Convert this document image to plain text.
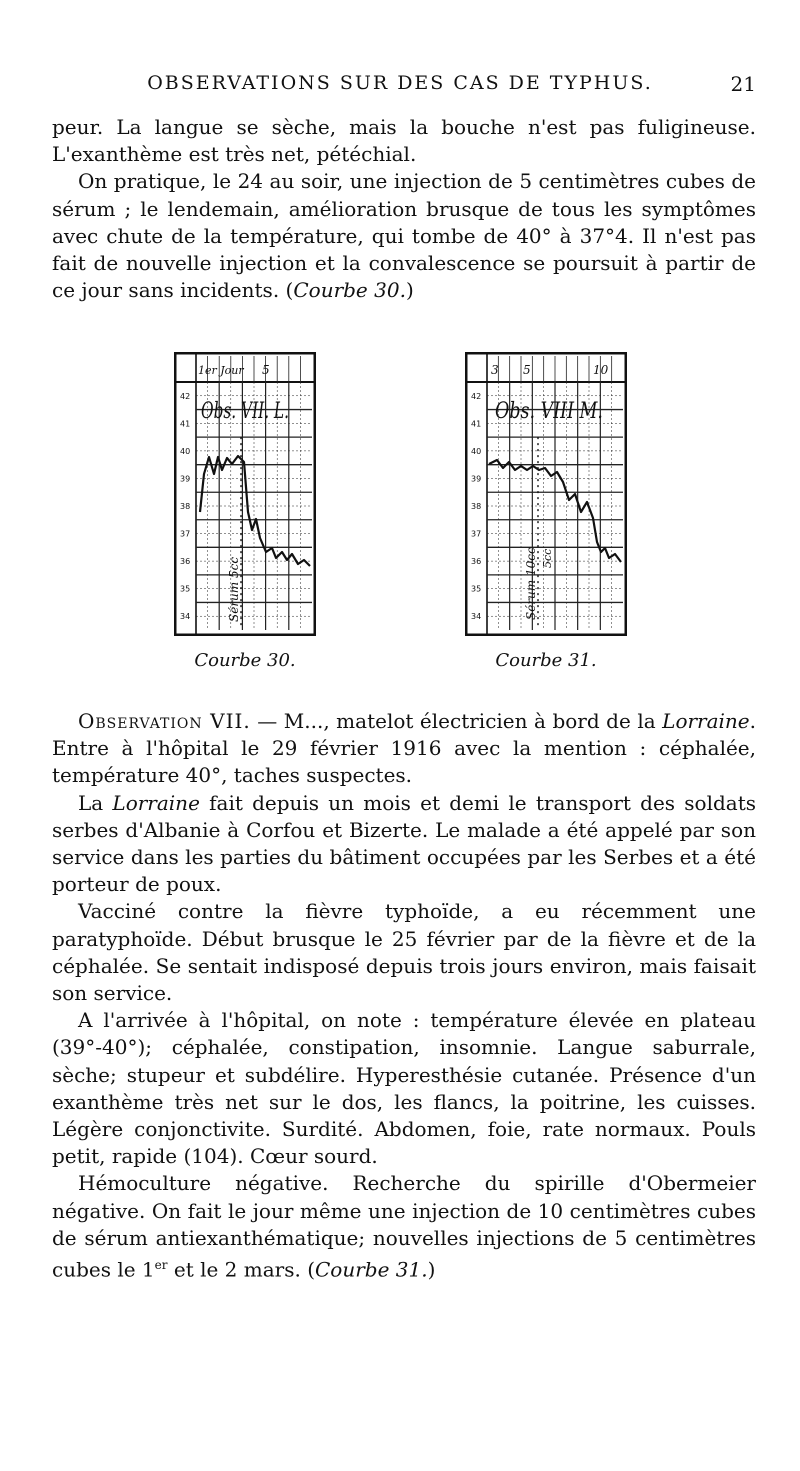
OBSERVATIONS SUR DES CAS DE TYPHUS.	21

peur. La langue se sèche, mais la bouche n'est pas fuligineuse. L'exanthème est très net, pétéchial.

On pratique, le 24 au soir, une injection de 5 centimètres cubes de sérum ; le lendemain, amélioration brusque de tous les symptômes avec chute de la température, qui tombe de 40° à 37°4. Il n'est pas fait de nouvelle injection et la convalescence se poursuit à partir de ce jour sans incidents. (Courbe 30.)

42
41
40
39
38
37
36
35
34
1er Jour 5
Obs. VII. L.
Sérum 5cc
Courbe 30.
42
41
40
39
38
37
36
35
34
3 5	10
Obs. VIII M.
Sérum 10cc 5cc
Courbe 31.

Observation VII. — M..., matelot électricien à bord de la Lorraine. Entre à l'hôpital le 29 février 1916 avec la mention : céphalée, température 40°, taches suspectes.

La Lorraine fait depuis un mois et demi le transport des soldats serbes d'Albanie à Corfou et Bizerte. Le malade a été appelé par son service dans les parties du bâtiment occupées par les Serbes et a été porteur de poux.

Vacciné contre la fièvre typhoïde, a eu récemment une paratyphoïde. Début brusque le 25 février par de la fièvre et de la céphalée. Se sentait indisposé depuis trois jours environ, mais faisait son service.

A l'arrivée à l'hôpital, on note : température élevée en plateau (39°-40°); céphalée, constipation, insomnie. Langue saburrale, sèche; stupeur et subdélire. Hyperesthésie cutanée. Présence d'un exanthème très net sur le dos, les flancs, la poitrine, les cuisses. Légère conjonctivite. Surdité. Abdomen, foie, rate normaux. Pouls petit, rapide (104). Cœur sourd.

Hémoculture négative. Recherche du spirille d'Obermeier négative. On fait le jour même une injection de 10 centimètres cubes de sérum antiexanthématique; nouvelles injections de 5 centimètres cubes le 1er et le 2 mars. (Courbe 31.)
